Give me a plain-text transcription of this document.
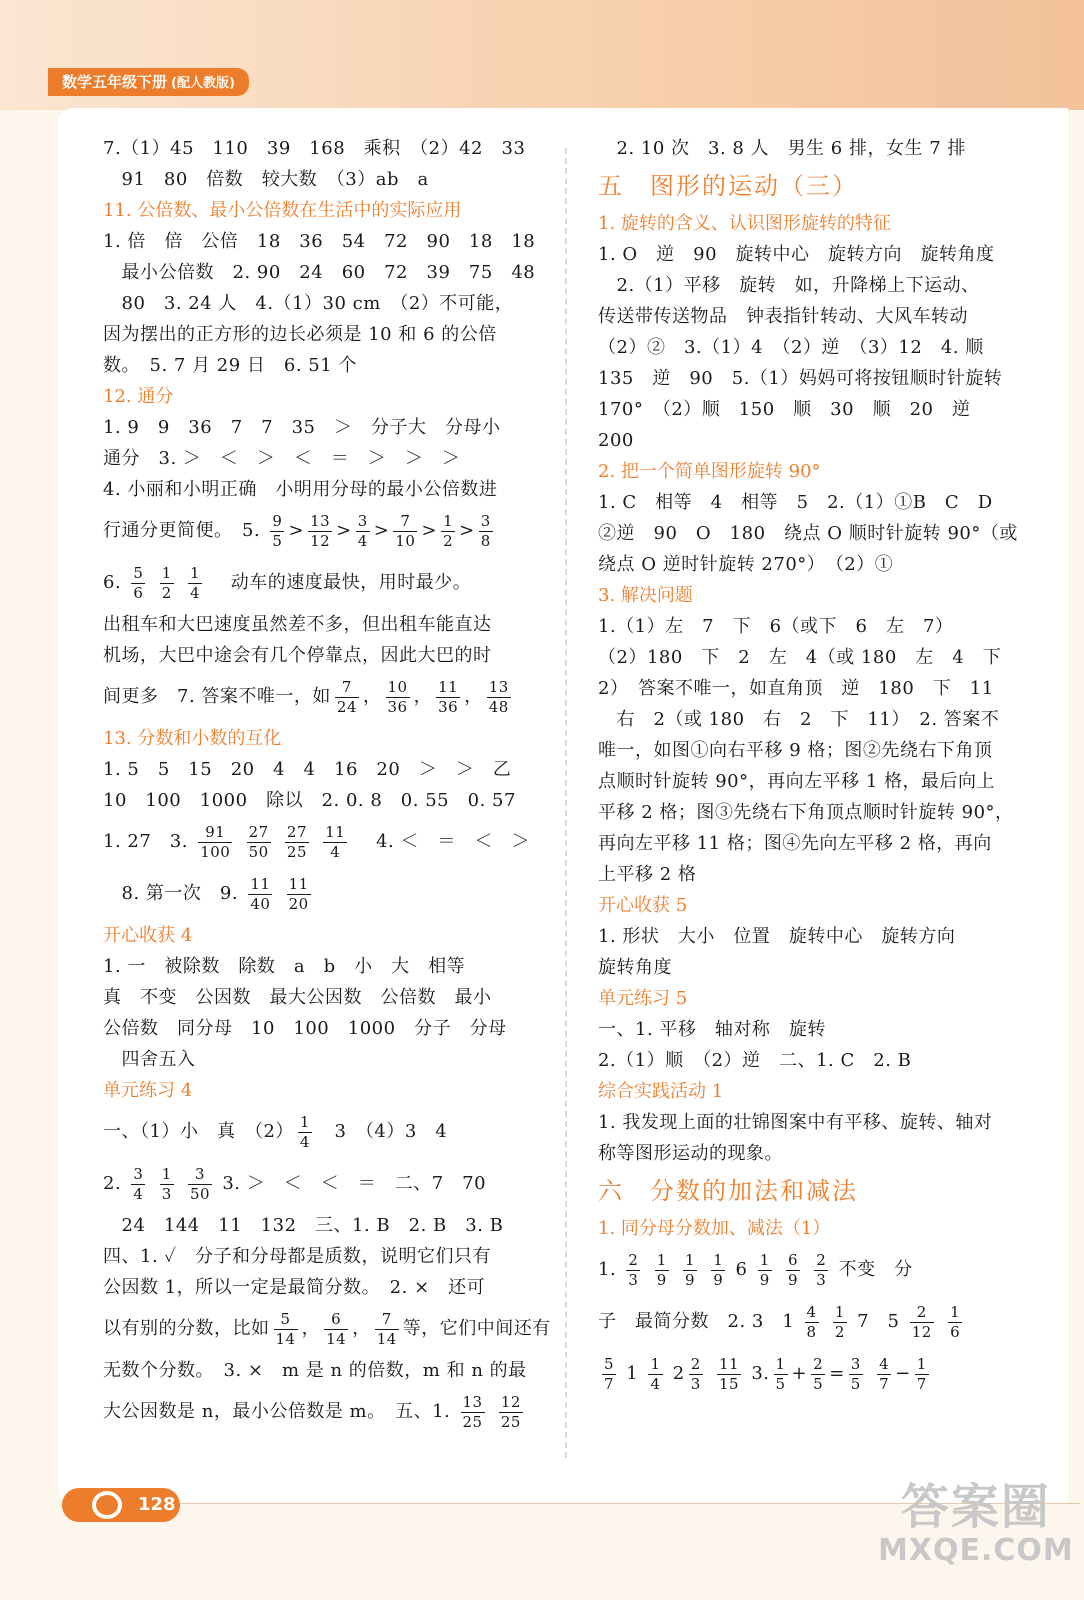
数学五年级下册 (配人教版)
7.（1）45　110　39　168　乘积　（2）42　33
　91　80　倍数　较大数　（3）ab　a
11. 公倍数、最小公倍数在生活中的实际应用
1. 倍　倍　公倍　18　36　54　72　90　18　18
　最小公倍数　2. 90　24　60　72　39　75　48
　80　3. 24 人　4.（1）30 cm　（2）不可能，
因为摆出的正方形的边长必须是 10 和 6 的公倍
数。　5. 7 月 29 日　6. 51 个
12. 通分
1. 9　9　36　7　7　35　＞　分子大　分母小
通分　3. ＞　＜　＞　＜　＝　＞　＞　＞
4. 小丽和小明正确　小明用分母的最小公倍数进
行通分更简便。　5. $\frac{9}{5} > \frac{13}{12} > \frac{3}{4} > \frac{7}{10} > \frac{1}{2} > \frac{3}{8}$
6. $\frac{5}{6}$
$\frac{1}{2}$
$\frac{1}{4}$ 　动车的速度最快，用时最少。
出租车和大巴速度虽然差不多，但出租车能直达
机场，大巴中途会有几个停靠点，因此大巴的时
间更多　7. 答案不唯一，如 $\frac{7}{24}$ ， $\frac{10}{36}$ ， $\frac{11}{36}$ ， $\frac{13}{48}$
13. 分数和小数的互化
1. 5　5　15　20　4　4　16　20　＞　＞　乙
10　100　1000　除以　2. 0. 8　0. 55　0. 57
1. 27　3. $\frac{91}{100}$
$\frac{27}{50}$
$\frac{27}{25}$
$\frac{11}{4}$ 　4. ＜　＝　＜　＞
　8. 第一次　9. $\frac{11}{40}$
$\frac{11}{20}$
开心收获 4
1. 一　被除数　除数　a　b　小　大　相等
真　不变　公因数　最大公因数　公倍数　最小
公倍数　同分母　10　100　1000　分子　分母
　四舍五入
单元练习 4
一、（1）小　真　$(2) \frac{1}{4}$ 　3　（4）3　4
2. $\frac{3}{4}$
$\frac{1}{3}$
$\frac{3}{50} 3$. ＞　＜　＜　＝　二、7　70
　24　144　11　132　三、1. B　2. B　3. B
四、1. ✓　分子和分母都是质数，说明它们只有
公因数 1，所以一定是最简分数。　2. ×　还可
以有别的分数，比如 $\frac{5}{14}$ ， $\frac{6}{14}$ ， $\frac{7}{14}$ 等，它们中间还有
无数个分数。　3. ×　m 是 n 的倍数，m 和 n 的最
大公因数是 n，最小公倍数是 m。　五、1. $\frac{13}{25}$
$\frac{12}{25}$
　2. 10 次　3. 8 人　男生 6 排，女生 7 排
五　图形的运动（三）
1. 旋转的含义、认识图形旋转的特征
1. O　逆　90　旋转中心　旋转方向　旋转角度
　2.（1）平移　旋转　如，升降梯上下运动、
传送带传送物品　钟表指针转动、大风车转动
（2）②　3.（1）4　（2）逆　（3）12　4. 顺
135　逆　90　5.（1）妈妈可将按钮顺时针旋转
170°　（2）顺　150　顺　30　顺　20　逆
200
2. 把一个简单图形旋转 90°
1. C　相等　4　相等　5　2.（1）①B　C　D
②逆　90　O　180　绕点 O 顺时针旋转 90°（或
绕点 O 逆时针旋转 270°）　（2）①
3. 解决问题
1.（1）左　7　下　6（或下　6　左　7）
（2）180　下　2　左　4（或 180　左　4　下
2）　答案不唯一，如直角顶　逆　180　下　11
　右　2（或 180　右　2　下　11）　2. 答案不
唯一，如图①向右平移 9 格；图②先绕右下角顶
点顺时针旋转 90°，再向左平移 1 格，最后向上
平移 2 格；图③先绕右下角顶点顺时针旋转 90°，
再向左平移 11 格；图④先向左平移 2 格，再向
上平移 2 格
开心收获 5
1. 形状　大小　位置　旋转中心　旋转方向
旋转角度
单元练习 5
一、1. 平移　轴对称　旋转
2.（1）顺　（2）逆　二、1. C　2. B
综合实践活动 1
1. 我发现上面的壮锦图案中有平移、旋转、轴对
称等图形运动的现象。
六　分数的加法和减法
1. 同分母分数加、减法（1）
1. $\frac{2}{3}$
$\frac{1}{9}$
$\frac{1}{9}$
$\frac{1}{9} 6 \frac{1}{9}$
$\frac{6}{9}$
$\frac{2}{3}$ 不变　分
子　最简分数　2. 3　$1 \frac{4}{8}$
$\frac{1}{2} 7$　$5 \frac{2}{12}$
$\frac{1}{6}$
$\frac{5}{7} 1 \frac{1}{4} 2 \frac{2}{3}$
$\frac{11}{15} 3$. $\frac{1}{5} + \frac{2}{5} = \frac{3}{5}$
$\frac{4}{7} - \frac{1}{7}$
128	答案圈
MXQE.COM
